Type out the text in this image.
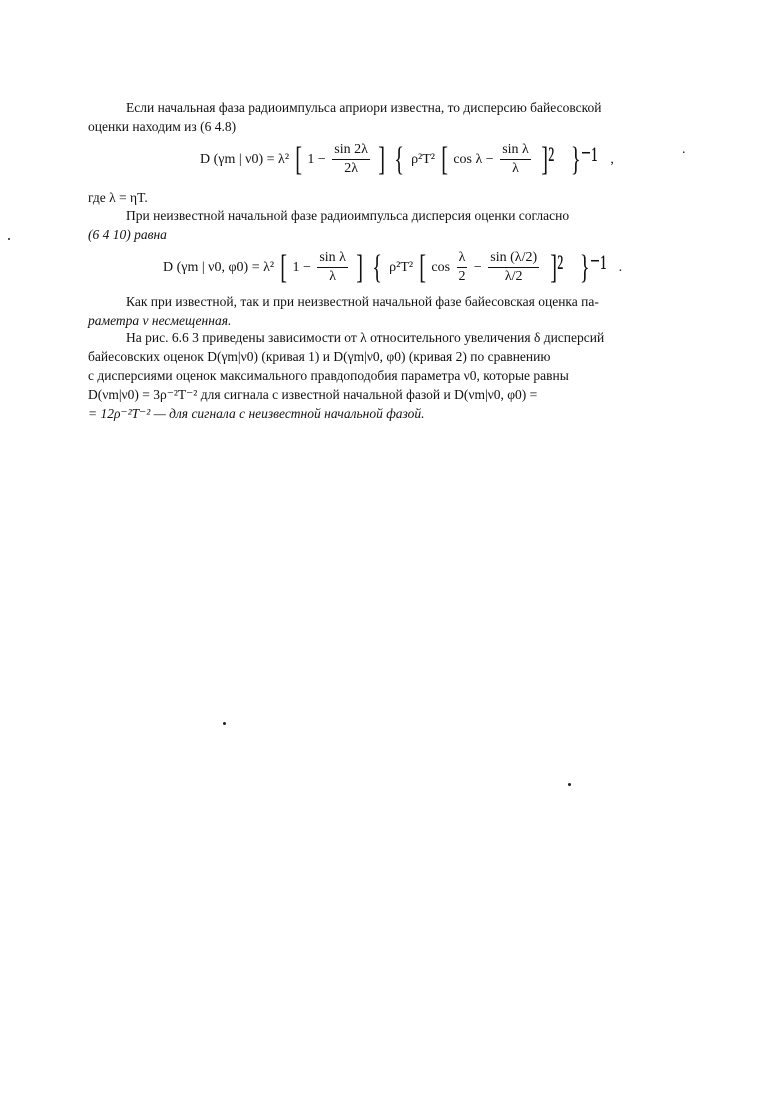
Если начальная фаза радиоимпульса априори известна, то дисперсию байесовской
оценки находим из (6 4.8)

D (γm | ν0) = λ² [ $1 - \frac{\sin 2\lambda}{2\lambda}$ ] { ρ²T² [ $\cos \lambda - \frac{\text{sin λ}}{\lambda} ]^2$ }⁻¹ ,
.

где λ = ηT.

При неизвестной начальной фазе радиоимпульса дисперсия оценки согласно
(6 4 10) равна

D (γm | ν0, φ0) = λ² [ $1 - \frac{\text{sin λ}}{\lambda}$ ] { ρ²T² [ $\cos \frac{\lambda}{2} - \frac{\sin (\lambda/2)}{\lambda/2} ]^2$ }⁻¹ .

Как при известной, так и при неизвестной начальной фазе байесовская оценка па-
раметра ν несмещенная.

На рис. 6.6 3 приведены зависимости от λ относительного увеличения δ дисперсий
байесовских оценок D(γm|ν0) (кривая 1) и D(γm|ν0, φ0) (кривая 2) по сравнению
с дисперсиями оценок максимального правдоподобия параметра ν0, которые равны
D(νm|ν0) = 3ρ⁻²T⁻² для сигнала с известной начальной фазой и D(νm|ν0, φ0) =
= 12ρ⁻²T⁻² — для сигнала с неизвестной начальной фазой.
